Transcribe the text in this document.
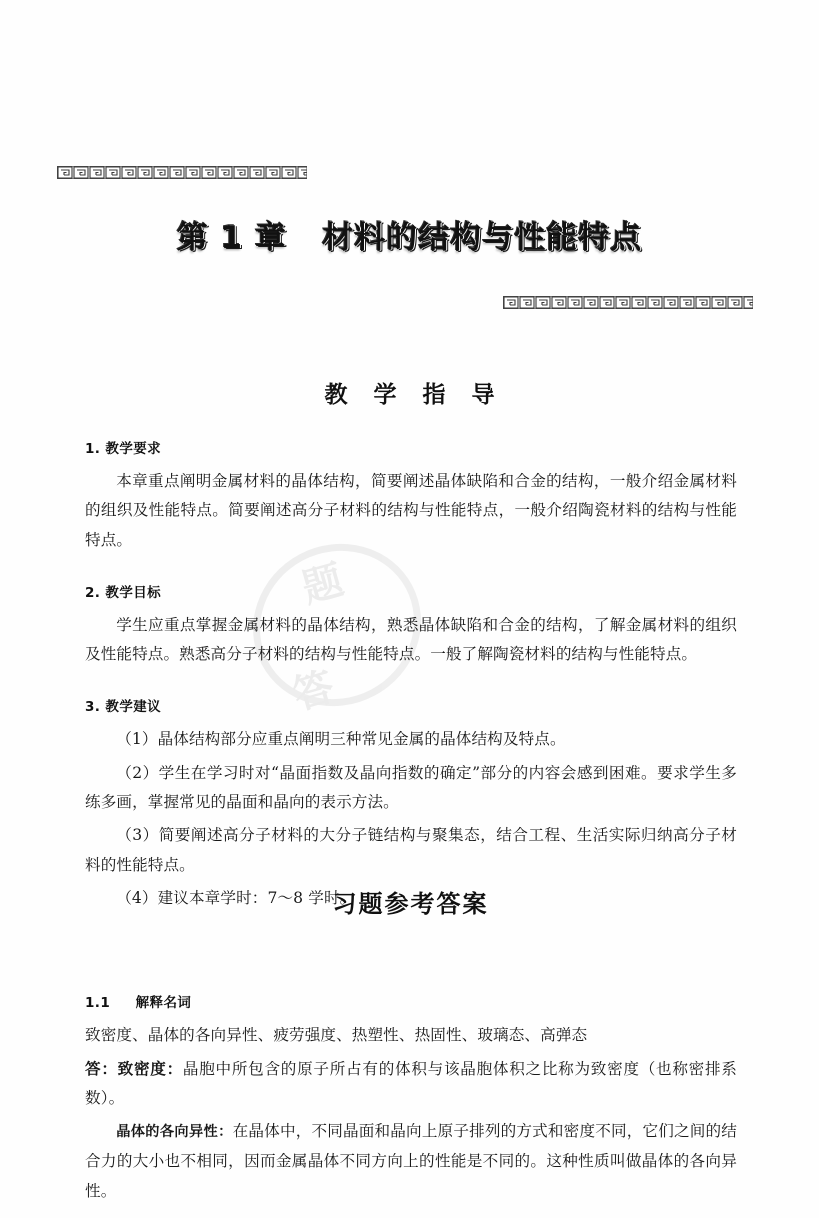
第 1 章   材料的结构与性能特点
题
答
教 学 指 导
习题参考答案
1. 教学要求

本章重点阐明金属材料的晶体结构，简要阐述晶体缺陷和合金的结构，一般介绍金属材料的组织及性能特点。简要阐述高分子材料的结构与性能特点，一般介绍陶瓷材料的结构与性能特点。

2. 教学目标

学生应重点掌握金属材料的晶体结构，熟悉晶体缺陷和合金的结构，了解金属材料的组织及性能特点。熟悉高分子材料的结构与性能特点。一般了解陶瓷材料的结构与性能特点。

3. 教学建议

（1）晶体结构部分应重点阐明三种常见金属的晶体结构及特点。

（2）学生在学习时对“晶面指数及晶向指数的确定”部分的内容会感到困难。要求学生多练多画，掌握常见的晶面和晶向的表示方法。

（3）简要阐述高分子材料的大分子链结构与聚集态，结合工程、生活实际归纳高分子材料的性能特点。

（4）建议本章学时：7～8 学时。

1.1 解释名词

致密度、晶体的各向异性、疲劳强度、热塑性、热固性、玻璃态、高弹态

答：致密度：晶胞中所包含的原子所占有的体积与该晶胞体积之比称为致密度（也称密排系数）。

晶体的各向异性：在晶体中，不同晶面和晶向上原子排列的方式和密度不同，它们之间的结合力的大小也不相同，因而金属晶体不同方向上的性能是不同的。这种性质叫做晶体的各向异性。
